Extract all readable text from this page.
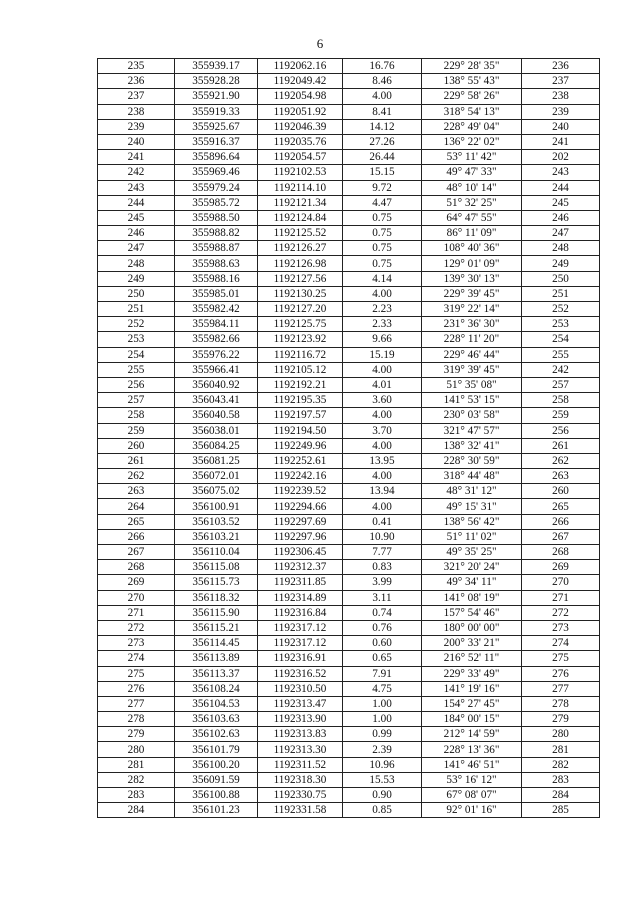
6
235	355939.17	1192062.16	16.76	229° 28' 35"	236
236	355928.28	1192049.42	8.46	138° 55' 43"	237
237	355921.90	1192054.98	4.00	229° 58' 26"	238
238	355919.33	1192051.92	8.41	318° 54' 13"	239
239	355925.67	1192046.39	14.12	228° 49' 04"	240
240	355916.37	1192035.76	27.26	136° 22' 02"	241
241	355896.64	1192054.57	26.44	53° 11' 42"	202
242	355969.46	1192102.53	15.15	49° 47' 33"	243
243	355979.24	1192114.10	9.72	48° 10' 14"	244
244	355985.72	1192121.34	4.47	51° 32' 25"	245
245	355988.50	1192124.84	0.75	64° 47' 55"	246
246	355988.82	1192125.52	0.75	86° 11' 09"	247
247	355988.87	1192126.27	0.75	108° 40' 36"	248
248	355988.63	1192126.98	0.75	129° 01' 09"	249
249	355988.16	1192127.56	4.14	139° 30' 13"	250
250	355985.01	1192130.25	4.00	229° 39' 45"	251
251	355982.42	1192127.20	2.23	319° 22' 14"	252
252	355984.11	1192125.75	2.33	231° 36' 30"	253
253	355982.66	1192123.92	9.66	228° 11' 20"	254
254	355976.22	1192116.72	15.19	229° 46' 44"	255
255	355966.41	1192105.12	4.00	319° 39' 45"	242
256	356040.92	1192192.21	4.01	51° 35' 08"	257
257	356043.41	1192195.35	3.60	141° 53' 15"	258
258	356040.58	1192197.57	4.00	230° 03' 58"	259
259	356038.01	1192194.50	3.70	321° 47' 57"	256
260	356084.25	1192249.96	4.00	138° 32' 41"	261
261	356081.25	1192252.61	13.95	228° 30' 59"	262
262	356072.01	1192242.16	4.00	318° 44' 48"	263
263	356075.02	1192239.52	13.94	48° 31' 12"	260
264	356100.91	1192294.66	4.00	49° 15' 31"	265
265	356103.52	1192297.69	0.41	138° 56' 42"	266
266	356103.21	1192297.96	10.90	51° 11' 02"	267
267	356110.04	1192306.45	7.77	49° 35' 25"	268
268	356115.08	1192312.37	0.83	321° 20' 24"	269
269	356115.73	1192311.85	3.99	49° 34' 11"	270
270	356118.32	1192314.89	3.11	141° 08' 19"	271
271	356115.90	1192316.84	0.74	157° 54' 46"	272
272	356115.21	1192317.12	0.76	180° 00' 00"	273
273	356114.45	1192317.12	0.60	200° 33' 21"	274
274	356113.89	1192316.91	0.65	216° 52' 11"	275
275	356113.37	1192316.52	7.91	229° 33' 49"	276
276	356108.24	1192310.50	4.75	141° 19' 16"	277
277	356104.53	1192313.47	1.00	154° 27' 45"	278
278	356103.63	1192313.90	1.00	184° 00' 15"	279
279	356102.63	1192313.83	0.99	212° 14' 59"	280
280	356101.79	1192313.30	2.39	228° 13' 36"	281
281	356100.20	1192311.52	10.96	141° 46' 51"	282
282	356091.59	1192318.30	15.53	53° 16' 12"	283
283	356100.88	1192330.75	0.90	67° 08' 07"	284
284	356101.23	1192331.58	0.85	92° 01' 16"	285
